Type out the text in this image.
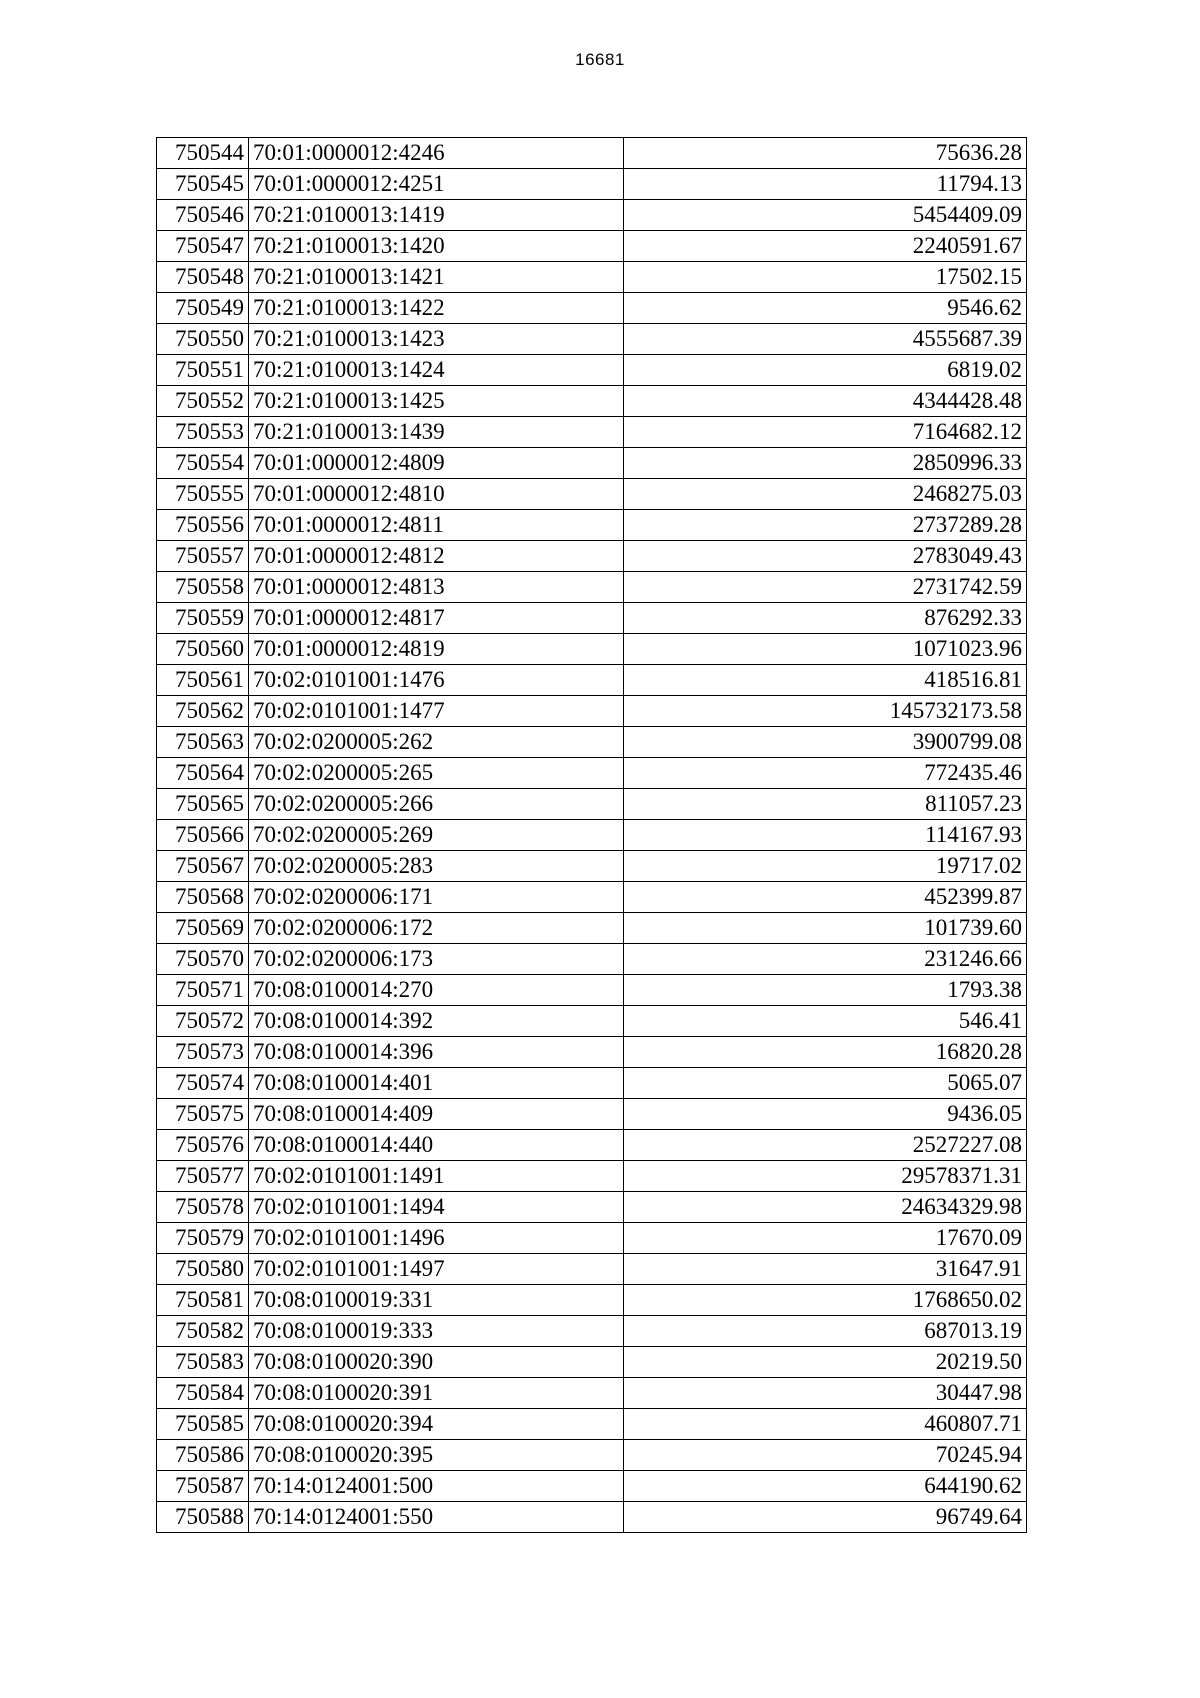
16681
750544	70:01:0000012:4246	75636.28
750545	70:01:0000012:4251	11794.13
750546	70:21:0100013:1419	5454409.09
750547	70:21:0100013:1420	2240591.67
750548	70:21:0100013:1421	17502.15
750549	70:21:0100013:1422	9546.62
750550	70:21:0100013:1423	4555687.39
750551	70:21:0100013:1424	6819.02
750552	70:21:0100013:1425	4344428.48
750553	70:21:0100013:1439	7164682.12
750554	70:01:0000012:4809	2850996.33
750555	70:01:0000012:4810	2468275.03
750556	70:01:0000012:4811	2737289.28
750557	70:01:0000012:4812	2783049.43
750558	70:01:0000012:4813	2731742.59
750559	70:01:0000012:4817	876292.33
750560	70:01:0000012:4819	1071023.96
750561	70:02:0101001:1476	418516.81
750562	70:02:0101001:1477	145732173.58
750563	70:02:0200005:262	3900799.08
750564	70:02:0200005:265	772435.46
750565	70:02:0200005:266	811057.23
750566	70:02:0200005:269	114167.93
750567	70:02:0200005:283	19717.02
750568	70:02:0200006:171	452399.87
750569	70:02:0200006:172	101739.60
750570	70:02:0200006:173	231246.66
750571	70:08:0100014:270	1793.38
750572	70:08:0100014:392	546.41
750573	70:08:0100014:396	16820.28
750574	70:08:0100014:401	5065.07
750575	70:08:0100014:409	9436.05
750576	70:08:0100014:440	2527227.08
750577	70:02:0101001:1491	29578371.31
750578	70:02:0101001:1494	24634329.98
750579	70:02:0101001:1496	17670.09
750580	70:02:0101001:1497	31647.91
750581	70:08:0100019:331	1768650.02
750582	70:08:0100019:333	687013.19
750583	70:08:0100020:390	20219.50
750584	70:08:0100020:391	30447.98
750585	70:08:0100020:394	460807.71
750586	70:08:0100020:395	70245.94
750587	70:14:0124001:500	644190.62
750588	70:14:0124001:550	96749.64
